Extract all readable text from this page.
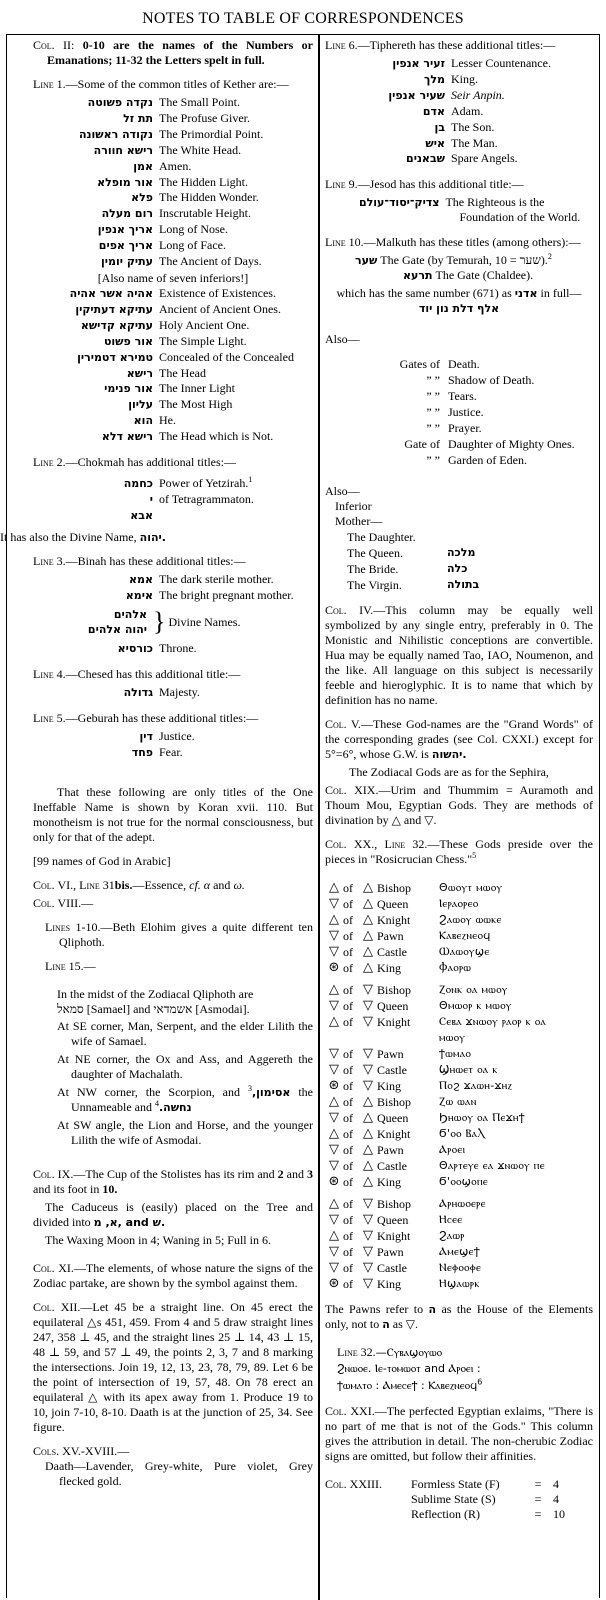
NOTES TO TABLE OF CORRESPONDENCES

Col. II: 0-10 are the names of the Numbers or Emanations; 11-32 the Letters spelt in full.

Line 1.—Some of the common titles of Kether are:—

נקדה פשוטה The Small Point.
תת זל The Profuse Giver.
נקודה ראשונה The Primordial Point.
רישא חוורה The White Head.
אמן Amen.
אור מופלא The Hidden Light.
פלא The Hidden Wonder.
רום מעלה Inscrutable Height.
אריך אנפין Long of Nose.
אריך אפים Long of Face.
עתיק יומין The Ancient of Days.
[Also name of seven inferiors!]
אהיה אשר אהיה Existence of Existences.
עתיקא דעתיקין Ancient of Ancient Ones.
עתיקא קדישא Holy Ancient One.
אור פשוט The Simple Light.
טמירא דטמירין Concealed of the Concealed
רישא The Head
אור פנימי The Inner Light
עליון The Most High
הוא He.
רישא דלא The Head which is Not.

Line 2.—Chokmah has additional titles:—

כחמה Power of Yetzirah.$^1$
י of Tetragrammaton.
אבא

It has also the Divine Name, יהוה.

Line 3.—Binah has these additional titles:—

אמא The dark sterile mother.
אימא The bright pregnant mother.
אלהים
יהוה אלהים } Divine Names.
כורסיא Throne.

Line 4.—Chesed has this additional title:—

גדולה Majesty.

Line 5.—Geburah has these additional titles:—

דין Justice.
פחד Fear.

That these following are only titles of the One Ineffable Name is shown by Koran xvii. 110. But monotheism is not true for the normal consciousness, but only for that of the adept.

[99 names of God in Arabic]

Col. VI., Line 31bis.—Essence, cf. α and ω.

Col. VIII.—

Lines 1-10.—Beth Elohim gives a quite different ten Qliphoth.

Line 15.—

In the midst of the Zodiacal Qliphoth are

סמאל [Samael] and אשמדאי [Asmodai].

At SE corner, Man, Serpent, and the elder Lilith the wife of Samael.

At NE corner, the Ox and Ass, and Aggereth the daughter of Machalath.

At NW corner, the Scorpion, and אסימון,$^3$	the Unnameable and נחשה.$^4$

At SW angle, the Lion and Horse, and the younger Lilith the wife of Asmodai.

Col. IX.—The Cup of the Stolistes has its rim and 2 and 3 and its foot in 10.

The Caduceus is (easily) placed on the Tree and divided into א, מ, and ש.

The Waxing Moon in 4; Waning in 5; Full in 6.

Col. XI.—The elements, of whose nature the signs of the Zodiac partake, are shown by the symbol against them.

Col. XII.—Let 45 be a straight line. On 45 erect the equilateral △s 451, 459. From 4 and 5 draw straight lines 247, 358 ⊥ 45, and the straight lines 25 ⊥ 14, 43 ⊥ 15, 48 ⊥ 59, and 57 ⊥ 49, the points 2, 3, 7 and 8 marking the intersections. Join 19, 12, 13, 23, 78, 79, 89. Let 6 be the point of intersection of 19, 57, 48. On 78 erect an equilateral △ with its apex away from 1. Produce 19 to 10, join 7-10, 8-10. Daath is at the junction of 25, 34. See figure.

Cols. XV.-XVIII.—

Daath—Lavender, Grey-white, Pure violet, Grey flecked gold.

Line 6.—Tiphereth has these additional titles:—

זעיר אנפין Lesser Countenance.
מלך King.
שעיר אנפין Seir Anpin.
אדם Adam.
בן The Son.
איש The Man.
שבאנים Spare Angels.

Line 9.—Jesod has this additional title:—

צדיק־יסוד־עולם The Righteous is the Foundation of the World.

Line 10.—Malkuth has these titles (among others):—

שער The Gate (by Temurah, שער = 10).$^2$
תרעא The Gate (Chaldee).
which has the same number (671) as אדני in full—
אלף דלת נון יוד

Also—

Gates of Death.
” ” Shadow of Death.
” ” Tears.
” ” Justice.
” ” Prayer.
Gate of Daughter of Mighty Ones.
” ” Garden of Eden.

Also—

Inferior
Mother—
The Daughter.
The Queen.	מלכה
The Bride.	כלה
The Virgin.	בתולה

Col. IV.—This column may be equally well symbolized by any single entry, preferably in 0. The Monistic and Nihilistic conceptions are convertible. Hua may be equally named Tao, IAO, Noumenon, and the like. All language on this subject is necessarily feeble and hieroglyphic. It is to name that which by definition has no name.

Col. V.—These God-names are the "Grand Words" of the corresponding grades (see Col. CXXI.) except for 5°=6°, whose G.W. is יהשוה.

The Zodiacal Gods are as for the Sephira,

Col. XIX.—Urim and Thummim = Auramoth and Thoum Mou, Egyptian Gods. They are methods of divination by △ and ▽.

Col. XX., Line 32.—These Gods preside over the pieces in "Rosicrucian Chess."$^5$

△ of △ Bishop	Θⲱⲟⲩⲧ ⲙⲱⲟⲩ
▽ of △ Queen	Ⲓⲉⲣⲁⲟⲣⲉⲟ
△ of △ Knight	Ϩⲁⲱⲟⲩ ⲱⲱⲕⲉ
▽ of △ Pawn	Ⲕⲁⲃⲉⲍⲛⲉⲟϥ
▽ of △ Castle	Ⲱⲁⲱⲟⲩϣⲉ
⊛ of △ King	Ⲫⲁⲟⲣⲱ
△ of ▽ Bishop	Ⲍⲟⲛⲕ ⲟⲁ ⲙⲱⲟⲩ
▽ of ▽ Queen	Θⲙⲱⲟⲣ ⲕ ⲙⲱⲟⲩ
△ of ▽ Knight	Ⲥⲉⲃⲁ ϫⲛⲱⲟⲩ ⲣⲁⲟⲣ ⲕ ⲟⲁ
ⲙⲱⲟⲩ
▽ of ▽ Pawn	ϯⲱⲙⲁⲟ
▽ of ▽ Castle	Ϣⲏⲱⲉⲧ ⲟⲁ ⲕ
⊛ of ▽ King	Ⲡⲟϩ ϫⲁⲱⲏ-ϫⲏⲍ
△ of △ Bishop	Ⲍⲱ ⲱⲁⲛ
▽ of △ Queen	Ϧⲏⲱⲟⲩ ⲟⲁ Ⲡⲉϫⲏϯ
△ of △ Knight	Ϭ'ⲟⲟ ⲂⲁⲖ
▽ of △ Pawn	Ⲁⲣⲟⲉⲓ
▽ of △ Castle	Θⲁⲣⲧⲉⲩⲉ ⲉⲁ ϫⲛⲱⲟⲩ ⲡⲉ
⊛ of △ King	Ϭ'ⲟⲟϣⲟⲡⲉ
△ of ▽ Bishop	Ⲁⲣⲏⲱⲟⲉⲣⲉ
▽ of ▽ Queen	Ⲏⲥⲉⲉ
△ of ▽ Knight	Ϩⲁⲱⲣ
▽ of ▽ Pawn	Ⲁⲙⲉϣⲉϯ
▽ of ▽ Castle	Ⲛⲉⲫⲟⲟⲫⲉ
⊛ of ▽ King	Ⲏϣⲁⲱⲣⲕ

The Pawns refer to ה as the House of the Elements only, not to ה as ▽.

Line 32.—Ⲥⲩⲃⲁϣⲟⲩⲱⲟ
Ϩⲛⲱⲟⲉ. Ⲓⲉ-ⲧⲟⲙⲱⲟⲧ and Ⲁⲣⲟⲉⲓ :
ϯⲱⲙⲁⲧⲟ : Ⲁⲙⲉⲥⲉϯ : Ⲕⲁⲃⲉⲍⲛⲉⲟϥ$^6$

Col. XXI.—The perfected Egyptian exlaims, "There is no part of me that is not of the Gods." This column gives the attribution in detail. The non-cherubic Zodiac signs are omitted, but follow their affinities.

Col. XXIII.	Formless State (F)	= 4
Sublime State (S)	= 4
Reflection (R)	= 10
